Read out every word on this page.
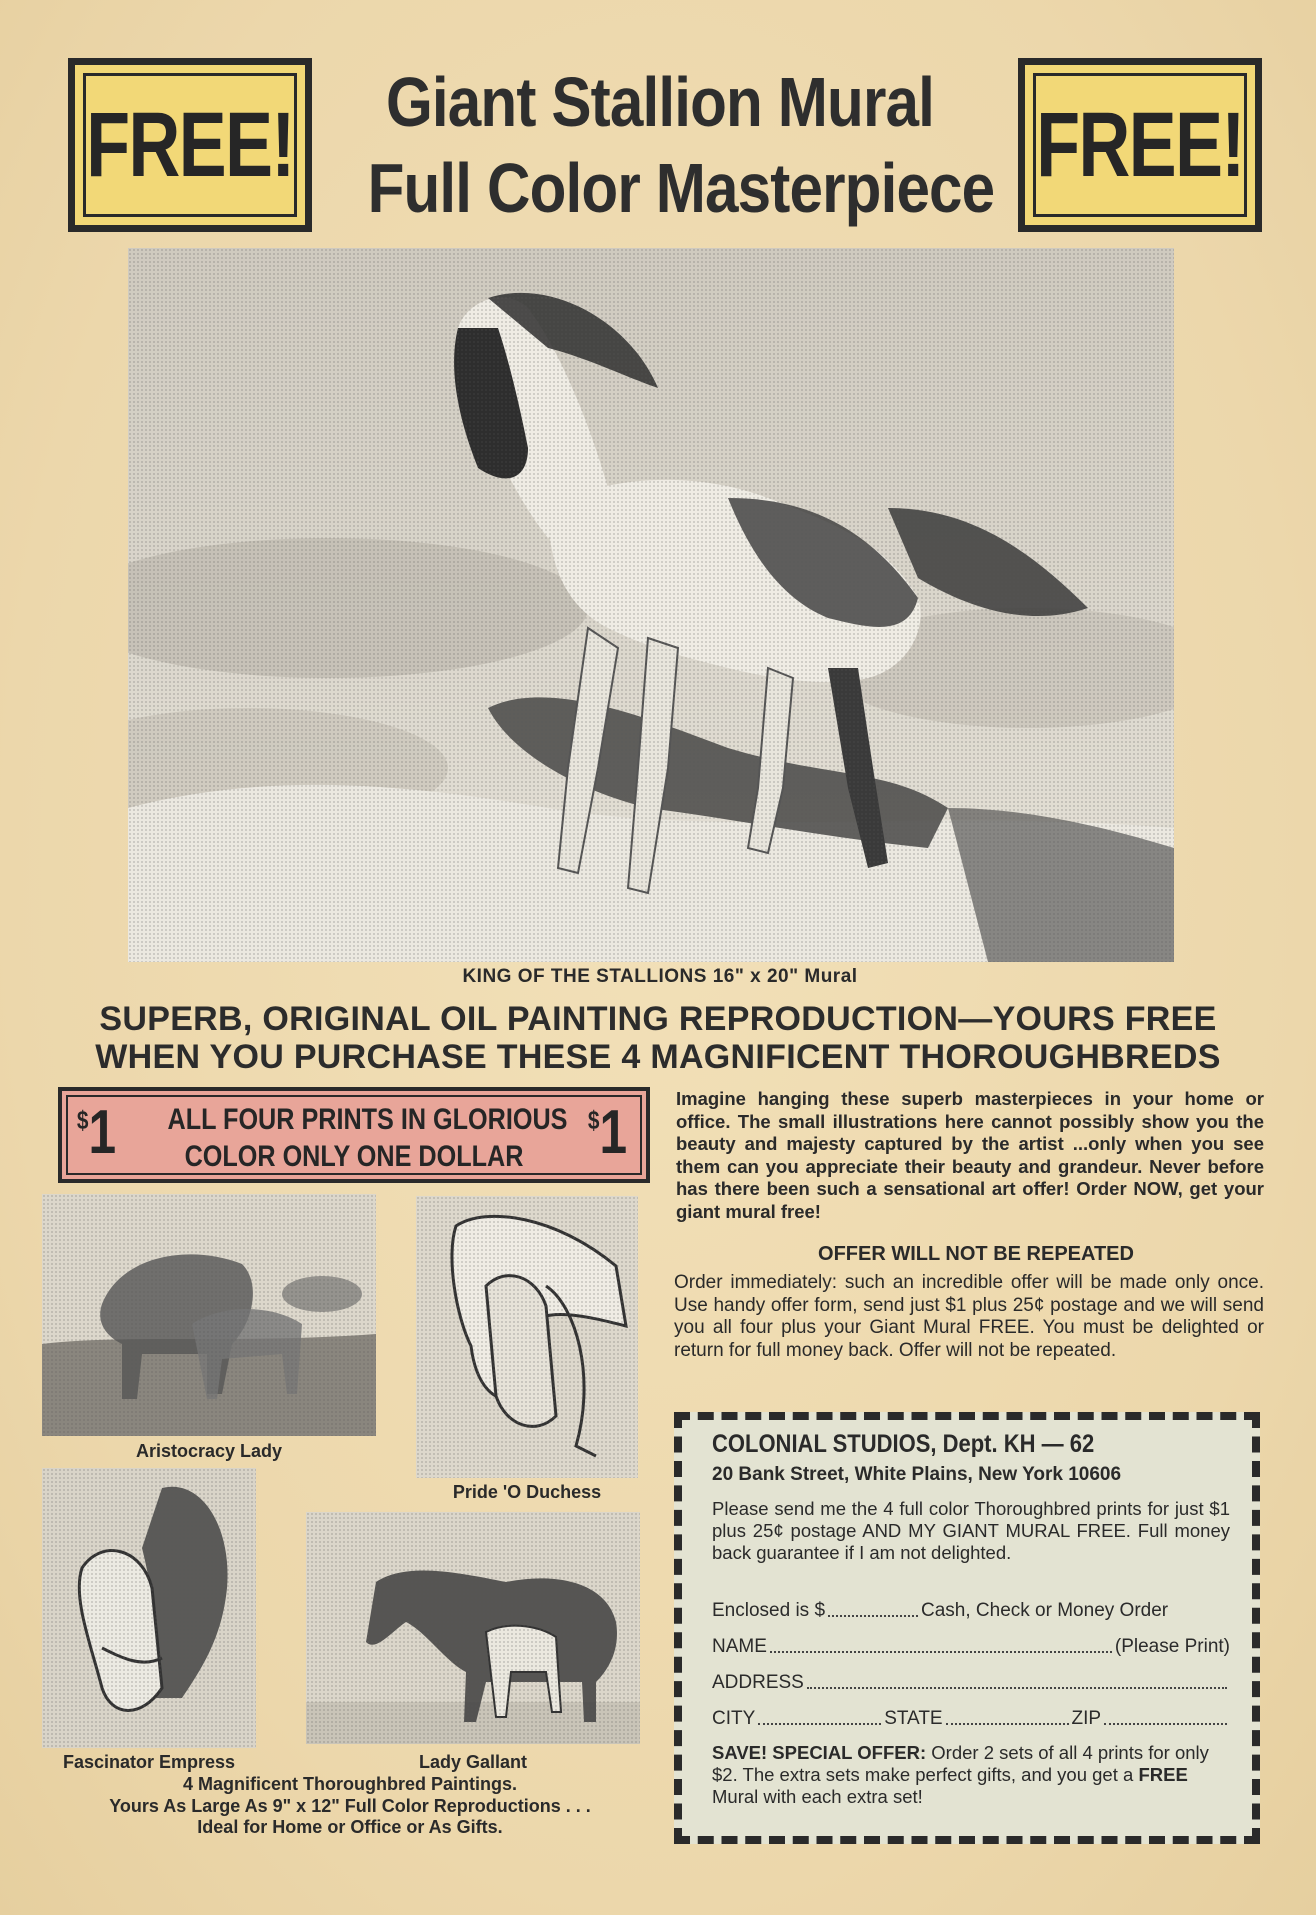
FREE!	FREE!
Giant Stallion Mural
Full Color Masterpiece
KING OF THE STALLIONS 16" x 20" Mural
SUPERB, ORIGINAL OIL PAINTING REPRODUCTION—YOURS FREE
WHEN YOU PURCHASE THESE 4 MAGNIFICENT THOROUGHBREDS
$1	$1
ALL FOUR PRINTS IN GLORIOUS
COLOR ONLY ONE DOLLAR
Imagine hanging these superb masterpieces in your home or office. The small illustrations here cannot possibly show you the beauty and majesty captured by the artist ...only when you see them can you appreciate their beauty and grandeur. Never before has there been such a sensational art offer! Order NOW, get your giant mural free!
OFFER WILL NOT BE REPEATED
Order immediately: such an incredible offer will be made only once. Use handy offer form, send just $1 plus 25¢ postage and we will send you all four plus your Giant Mural FREE. You must be delighted or return for full money back. Offer will not be repeated.
Aristocracy Lady
Pride 'O Duchess
Fascinator Empress	Lady Gallant
4 Magnificent Thoroughbred Paintings.
Yours As Large As 9" x 12" Full Color Reproductions . . .
Ideal for Home or Office or As Gifts.
COLONIAL STUDIOS, Dept. KH — 62
20 Bank Street, White Plains, New York 10606
Please send me the 4 full color Thoroughbred prints for just $1 plus 25¢ postage AND MY GIANT MURAL FREE. Full money back guarantee if I am not delighted.
Enclosed is $	Cash, Check or Money Order
NAME	(Please Print)
ADDRESS
CITY	STATE	ZIP
SAVE! SPECIAL OFFER: Order 2 sets of all 4 prints for only $2. The extra sets make perfect gifts, and you get a FREE Mural with each extra set!
